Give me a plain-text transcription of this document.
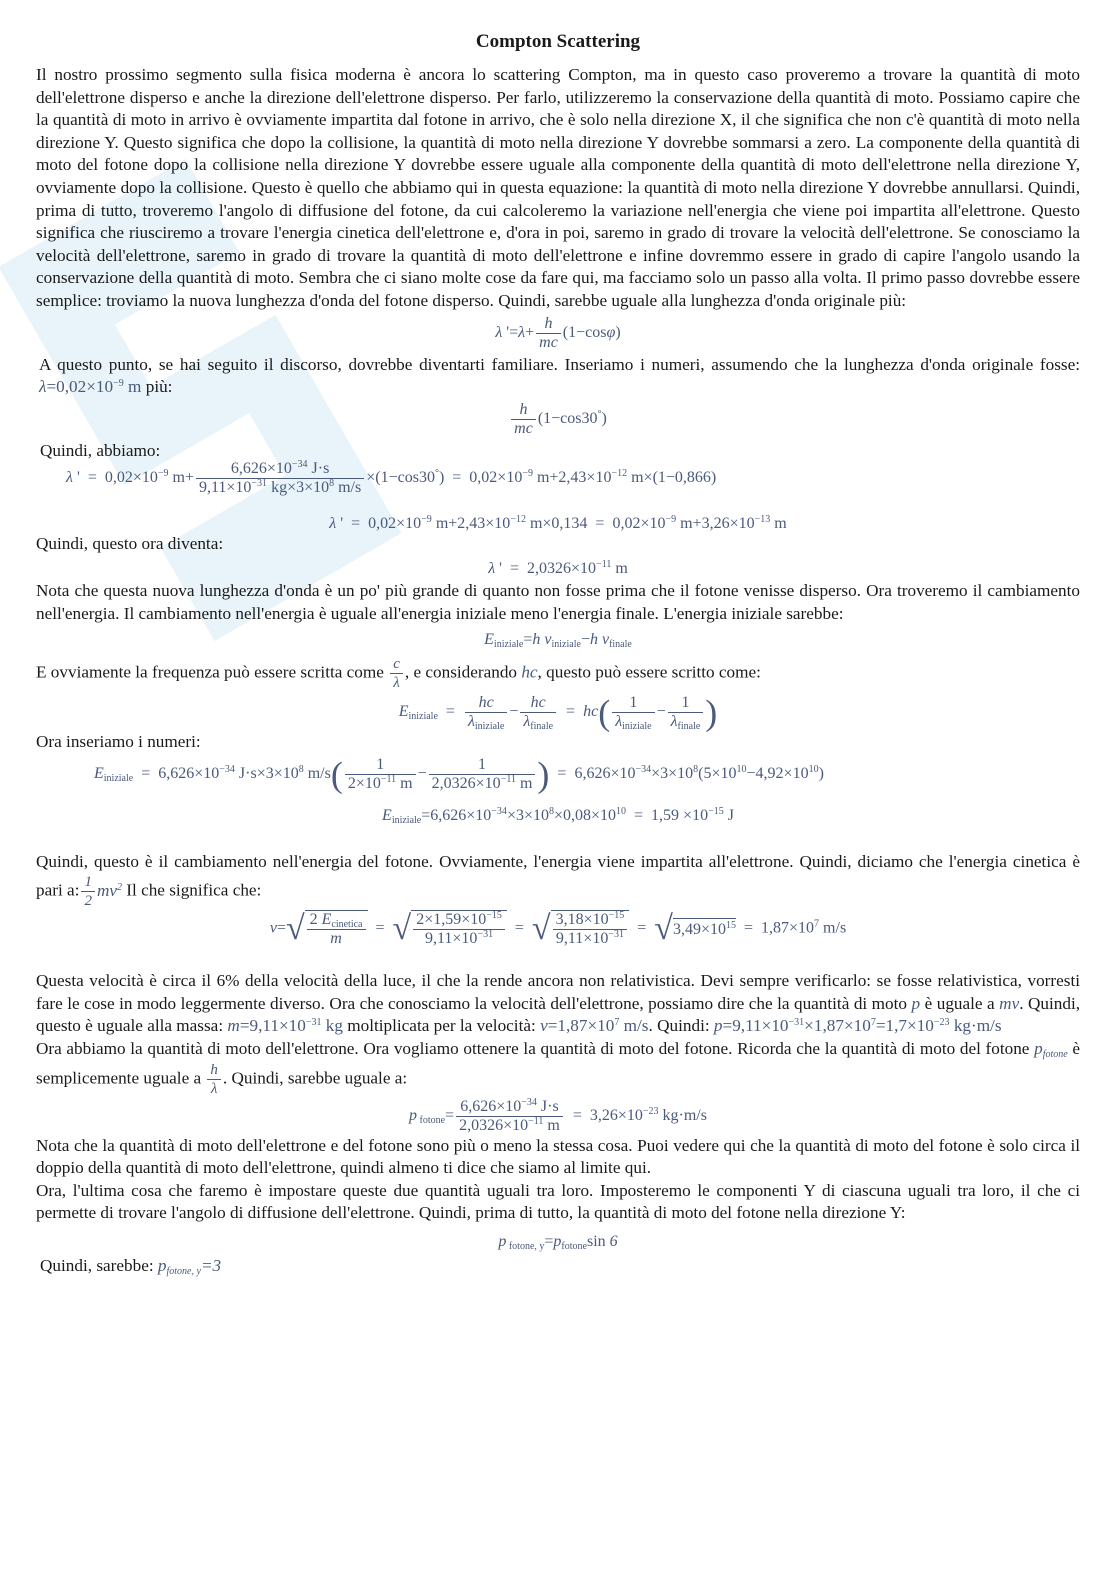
Compton Scattering

Il nostro prossimo segmento sulla fisica moderna è ancora lo scattering Compton, ma in questo caso proveremo a trovare la quantità di moto dell'elettrone disperso e anche la direzione dell'elettrone disperso. Per farlo, utilizzeremo la conservazione della quantità di moto. Possiamo capire che la quantità di moto in arrivo è ovviamente impartita dal fotone in arrivo, che è solo nella direzione X, il che significa che non c'è quantità di moto nella direzione Y. Questo significa che dopo la collisione, la quantità di moto nella direzione Y dovrebbe sommarsi a zero. La componente della quantità di moto del fotone dopo la collisione nella direzione Y dovrebbe essere uguale alla componente della quantità di moto dell'elettrone nella direzione Y, ovviamente dopo la collisione. Questo è quello che abbiamo qui in questa equazione: la quantità di moto nella direzione Y dovrebbe annullarsi. Quindi, prima di tutto, troveremo l'angolo di diffusione del fotone, da cui calcoleremo la variazione nell'energia che viene poi impartita all'elettrone. Questo significa che riusciremo a trovare l'energia cinetica dell'elettrone e, d'ora in poi, saremo in grado di trovare la velocità dell'elettrone. Se conosciamo la velocità dell'elettrone, saremo in grado di trovare la quantità di moto dell'elettrone e infine dovremmo essere in grado di capire l'angolo usando la conservazione della quantità di moto. Sembra che ci siano molte cose da fare qui, ma facciamo solo un passo alla volta. Il primo passo dovrebbe essere semplice: troviamo la nuova lunghezza d'onda del fotone disperso. Quindi, sarebbe uguale alla lunghezza d'onda originale più:

λ '$=\lambda+ \frac{h}{mc} (1-\cos\varphi)$

A questo punto, se hai seguito il discorso, dovrebbe diventarti familiare. Inseriamo i numeri, assumendo che la lunghezza d'onda originale fosse: $\lambda=0,02\times 10^{-9}$ m più:

$\frac{h}{mc} (1-\cos 30^\circ)$

Quindi, abbiamo:

λ '  =  $0,02\times 10^{-9}$ $m+ \frac{6,626\times 10^{-34} J\cdot s}{9,11\times 10^{-31} kg\times 3\times 10^8 m/s} \times(1-\cos 30^\circ) = 0,02\times 10^{-9}$ $m+2,43\times 10^{-12}$ m×(1−0,866)
λ '  =  $0,02\times 10^{-9}$ $m+2,43\times 10^{-12}$ $m\times 0,134 = 0,02\times 10^{-9}$ $m+3,26\times 10^{-13}$ m

Quindi, questo ora diventa:

λ '  =  $2,0326\times 10^{-11}$ m

Nota che questa nuova lunghezza d'onda è un po' più grande di quanto non fosse prima che il fotone venisse disperso. Ora troveremo il cambiamento nell'energia. Il cambiamento nell'energia è uguale all'energia iniziale meno l'energia finale. L'energia iniziale sarebbe:

$E_{iniziale}=h$ $\nu_{iniziale}-h$ $\nu_{finale}$

E ovviamente la frequenza può essere scritta come $\frac{c}{\lambda}$ , e considerando hc, questo può essere scritto come:

$E_{iniziale}$  =
hc
$\lambda_{iniziale}$
−
hc
$\lambda_{finale}$
=  hc(	1
$\lambda_{iniziale}$
−
1
$\lambda_{finale}$ )

Ora inseriamo i numeri:

$E_{iniziale} = 6,626\times 10^{-34}$ $J\cdot s\times 3\times 10^8$ $m/s( \frac{1}{2\times 10^{-11} m} - \frac{1}{2,0326\times 10^{-11} m}$ )  =  $6,626\times 10^{-34}\times 3\times 10^8(5\times 10^{10}-4,92\times 10^{10})$
$E_{iniziale}=6,626\times 10^{-34}\times 3\times 10^8\times 0,08\times 10^{10} = 1,59 \times 10^{-15}$ J

Quindi, questo è il cambiamento nell'energia del fotone. Ovviamente, l'energia viene impartita all'elettrone. Quindi, diciamo che l'energia cinetica è pari a: $\frac{1}{2} mv^2$ Il che significa che:

v=√ 2 $E_{cinetica}$
m
=  √ $\frac{2\times 1,59\times 10^{-15}}{9,11\times 10^{-31}}$ =  √ $\frac{3,18\times 10^{-15}}{9,11\times 10^{-31}} = √3,49\times 10^{15} = 1,87\times 10^7$ m/s

Questa velocità è circa il 6% della velocità della luce, il che la rende ancora non relativistica. Devi sempre verificarlo: se fosse relativistica, vorresti fare le cose in modo leggermente diverso. Ora che conosciamo la velocità dell'elettrone, possiamo dire che la quantità di moto p è uguale a mv. Quindi, questo è uguale alla massa: $m=9,11\times 10^{-31}$ kg moltiplicata per la velocità: $v=1,87\times 10^7$ m/s. Quindi: $p=9,11\times 10^{-31}\times 1,87\times 10^7=1,7\times 10^{-23}$ kg·m/s

Ora abbiamo la quantità di moto dell'elettrone. Ora vogliamo ottenere la quantità di moto del fotone. Ricorda che la quantità di moto del fotone $p_{fotone}$ è semplicemente uguale a $\frac{h}{\lambda}$ . Quindi, sarebbe uguale a:

p $_{fotone}= \frac{6,626\times 10^{-34} J\cdot s}{2,0326\times 10^{-11} m} = 3,26\times 10^{-23}$ kg·m/s

Nota che la quantità di moto dell'elettrone e del fotone sono più o meno la stessa cosa. Puoi vedere qui che la quantità di moto del fotone è solo circa il doppio della quantità di moto dell'elettrone, quindi almeno ti dice che siamo al limite qui.

Ora, l'ultima cosa che faremo è impostare queste due quantità uguali tra loro. Imposteremo le componenti Y di ciascuna uguali tra loro, il che ci permette di trovare l'angolo di diffusione dell'elettrone. Quindi, prima di tutto, la quantità di moto del fotone nella direzione Y:

p $_{fotone, y}=p_{fotone}\sin$ 6

Quindi, sarebbe: $p_{fotone, y}=3$
